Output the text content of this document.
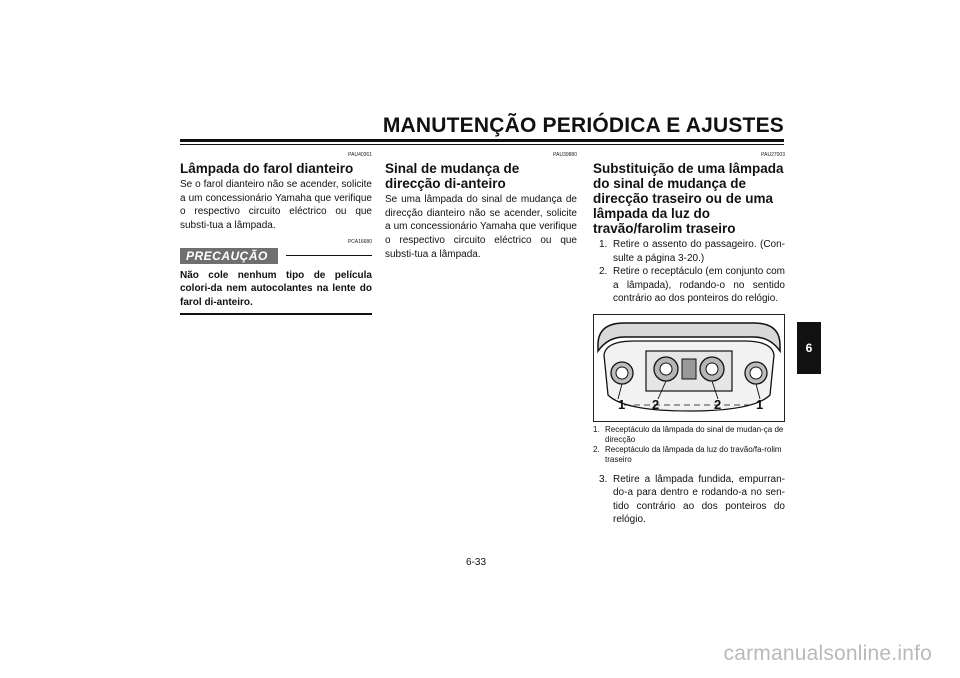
MANUTENÇÃO PERIÓDICA E AJUSTES
PAU40361
Lâmpada do farol dianteiro
Se o farol dianteiro não se acender, solicite a um concessionário Yamaha que verifique o respectivo circuito eléctrico ou que substi-tua a lâmpada.
PCA16680
PRECAUÇÃO
Não cole nenhum tipo de película colori-da nem autocolantes na lente do farol di-anteiro.
PAU39880
Sinal de mudança de direcção di-anteiro
Se uma lâmpada do sinal de mudança de direcção dianteiro não se acender, solicite a um concessionário Yamaha que verifique o respectivo circuito eléctrico ou que substi-tua a lâmpada.
PAU27003
Substituição de uma lâmpada do sinal de mudança de direcção traseiro ou de uma lâmpada da luz do travão/farolim traseiro
1. Retire o assento do passageiro. (Con-sulte a página 3-20.)
2. Retire o receptáculo (em conjunto com a lâmpada), rodando-o no sentido contrário ao dos ponteiros do relógio.
1 2	2	1
1. Receptáculo da lâmpada do sinal de mudan-ça de direcção
2. Receptáculo da lâmpada da luz do travão/fa-rolim traseiro
3. Retire a lâmpada fundida, empurran-do-a para dentro e rodando-a no sen-tido contrário ao dos ponteiros do relógio.
6-33
6
carmanualsonline.info
